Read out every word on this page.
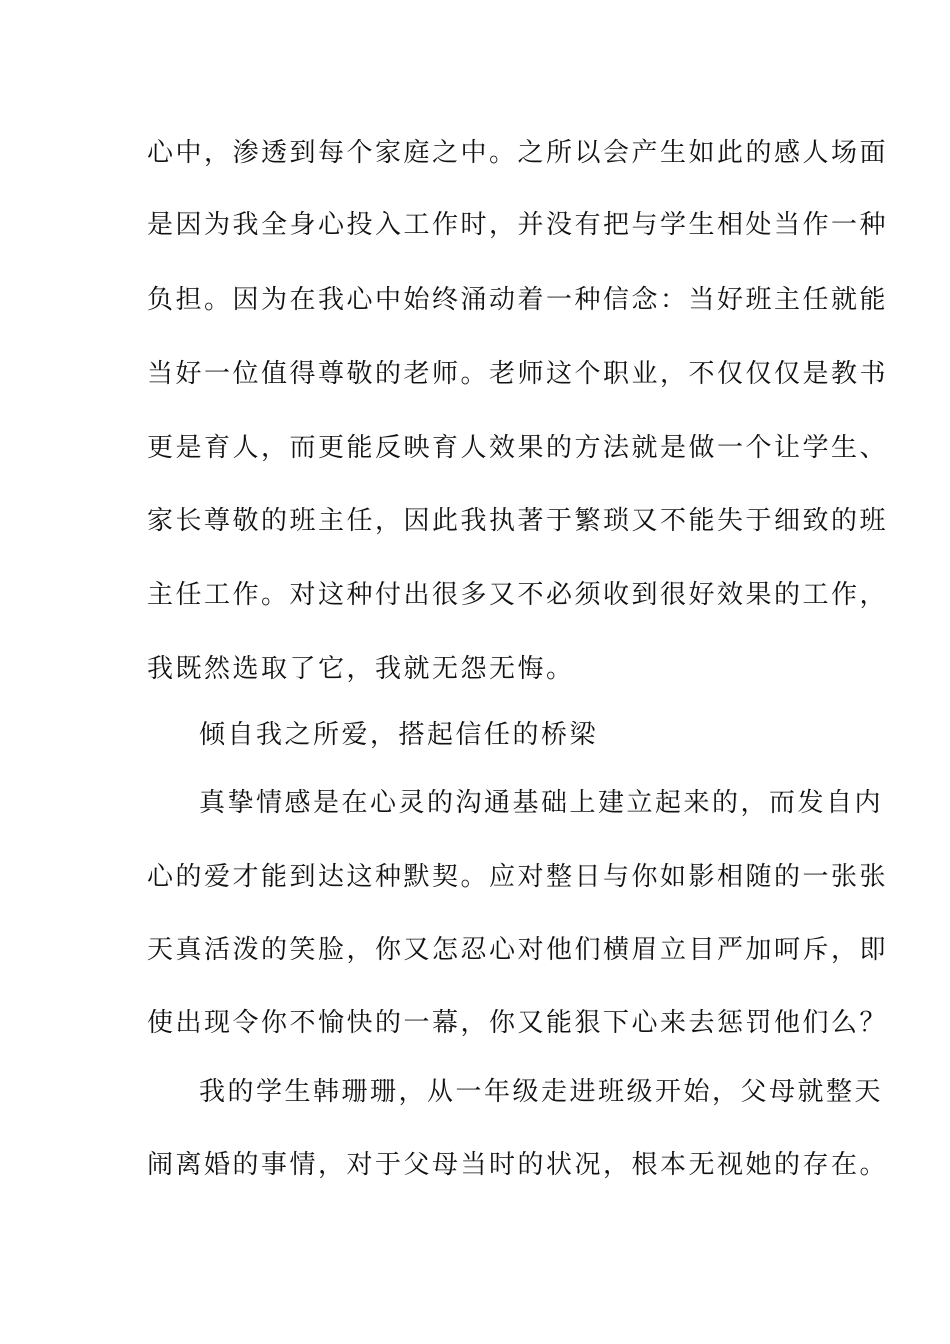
心中，渗透到每个家庭之中。之所以会产生如此的感人场面
是因为我全身心投入工作时，并没有把与学生相处当作一种
负担。因为在我心中始终涌动着一种信念：当好班主任就能
当好一位值得尊敬的老师。老师这个职业，不仅仅仅是教书
更是育人，而更能反映育人效果的方法就是做一个让学生、
家长尊敬的班主任，因此我执著于繁琐又不能失于细致的班
主任工作。对这种付出很多又不必须收到很好效果的工作，
我既然选取了它，我就无怨无悔。
倾自我之所爱，搭起信任的桥梁
真挚情感是在心灵的沟通基础上建立起来的，而发自内
心的爱才能到达这种默契。应对整日与你如影相随的一张张
天真活泼的笑脸，你又怎忍心对他们横眉立目严加呵斥，即
使出现令你不愉快的一幕，你又能狠下心来去惩罚他们么？
我的学生韩珊珊，从一年级走进班级开始，父母就整天
闹离婚的事情，对于父母当时的状况，根本无视她的存在。
